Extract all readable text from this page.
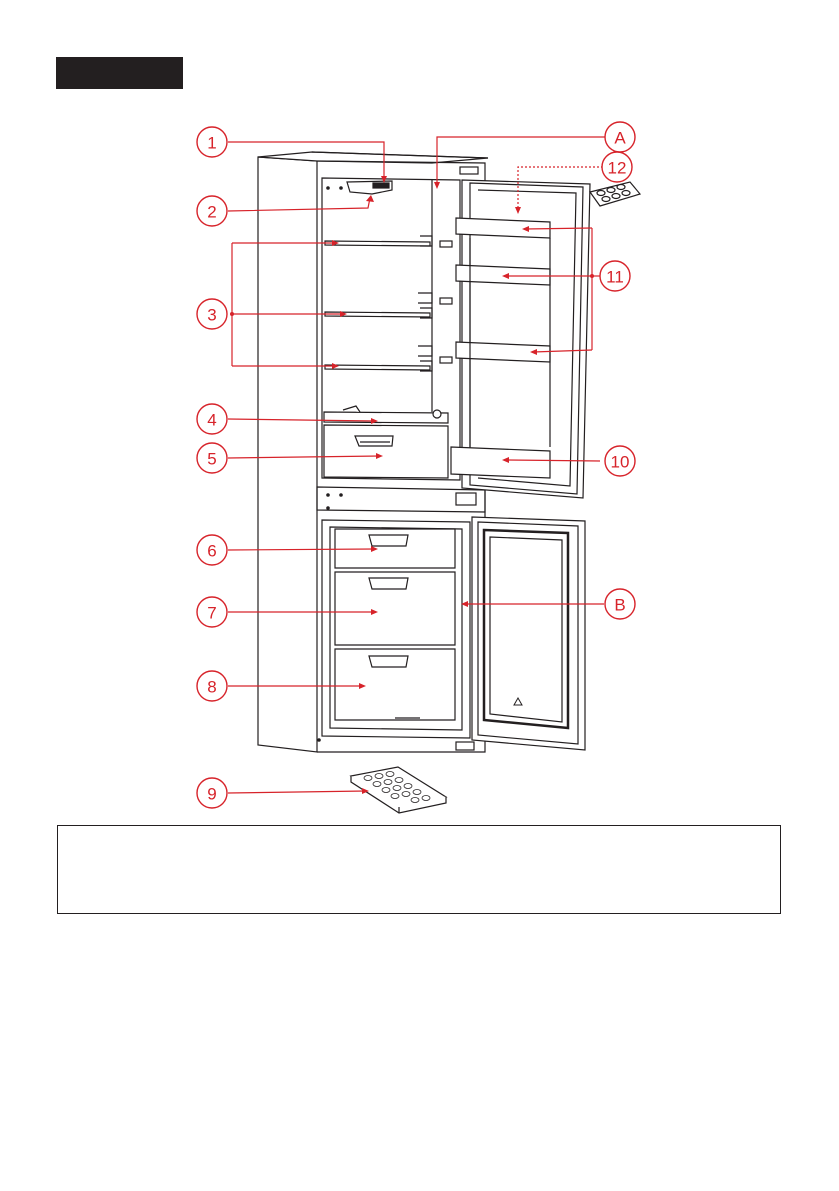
1
2
3
4
5
6
7
8
9
10
11
12
A
B
